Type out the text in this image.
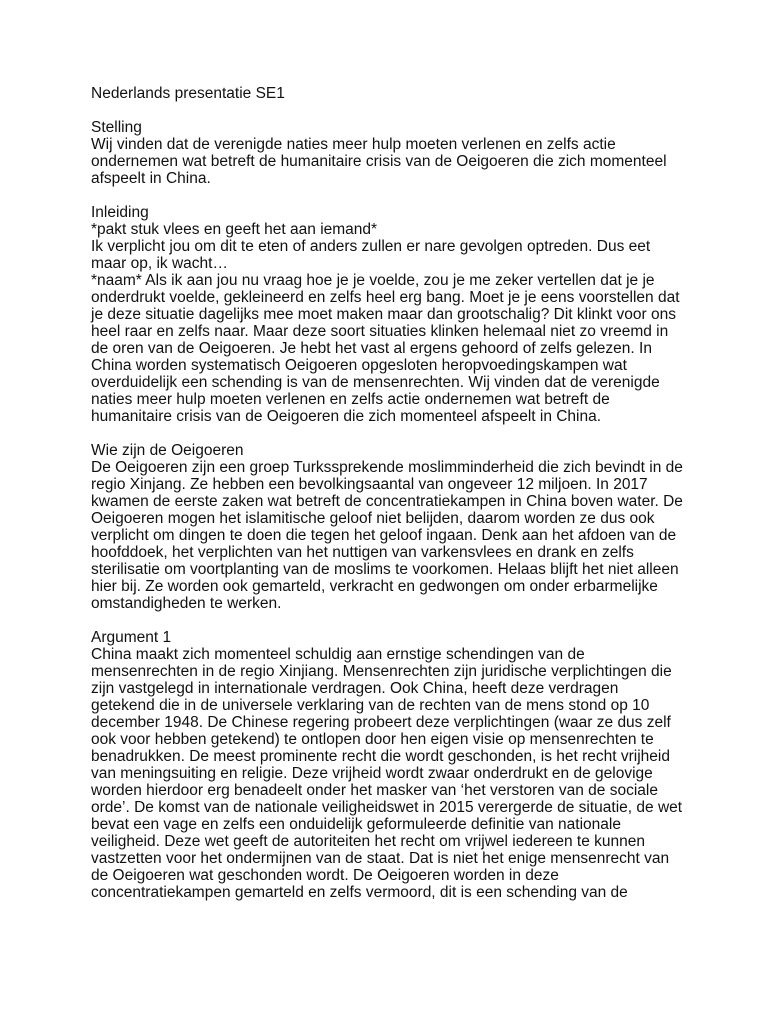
Nederlands presentatie SE1
Stelling
Wij vinden dat de verenigde naties meer hulp moeten verlenen en zelfs actie ondernemen wat betreft de humanitaire crisis van de Oeigoeren die zich momenteel afspeelt in China.
Inleiding
*pakt stuk vlees en geeft het aan iemand*
Ik verplicht jou om dit te eten of anders zullen er nare gevolgen optreden. Dus eet maar op, ik wacht…
*naam* Als ik aan jou nu vraag hoe je je voelde, zou je me zeker vertellen dat je je onderdrukt voelde, gekleineerd en zelfs heel erg bang. Moet je je eens voorstellen dat je deze situatie dagelijks mee moet maken maar dan grootschalig? Dit klinkt voor ons heel raar en zelfs naar. Maar deze soort situaties klinken helemaal niet zo vreemd in de oren van de Oeigoeren. Je hebt het vast al ergens gehoord of zelfs gelezen. In China worden systematisch Oeigoeren opgesloten heropvoedingskampen wat overduidelijk een schending is van de mensenrechten. Wij vinden dat de verenigde naties meer hulp moeten verlenen en zelfs actie ondernemen wat betreft de humanitaire crisis van de Oeigoeren die zich momenteel afspeelt in China.
Wie zijn de Oeigoeren
De Oeigoeren zijn een groep Turkssprekende moslimminderheid die zich bevindt in de regio Xinjang. Ze hebben een bevolkingsaantal van ongeveer 12 miljoen. In 2017 kwamen de eerste zaken wat betreft de concentratiekampen in China boven water. De Oeigoeren mogen het islamitische geloof niet belijden, daarom worden ze dus ook verplicht om dingen te doen die tegen het geloof ingaan. Denk aan het afdoen van de hoofddoek, het verplichten van het nuttigen van varkensvlees en drank en zelfs sterilisatie om voortplanting van de moslims te voorkomen. Helaas blijft het niet alleen hier bij. Ze worden ook gemarteld, verkracht en gedwongen om onder erbarmelijke omstandigheden te werken.
Argument 1
China maakt zich momenteel schuldig aan ernstige schendingen van de mensenrechten in de regio Xinjiang. Mensenrechten zijn juridische verplichtingen die zijn vastgelegd in internationale verdragen. Ook China, heeft deze verdragen getekend die in de universele verklaring van de rechten van de mens stond op 10 december 1948. De Chinese regering probeert deze verplichtingen (waar ze dus zelf ook voor hebben getekend) te ontlopen door hen eigen visie op mensenrechten te benadrukken. De meest prominente recht die wordt geschonden, is het recht vrijheid van meningsuiting en religie. Deze vrijheid wordt zwaar onderdrukt en de gelovige worden hierdoor erg benadeelt onder het masker van ‘het verstoren van de sociale orde’. De komst van de nationale veiligheidswet in 2015 verergerde de situatie, de wet bevat een vage en zelfs een onduidelijk geformuleerde definitie van nationale veiligheid. Deze wet geeft de autoriteiten het recht om vrijwel iedereen te kunnen vastzetten voor het ondermijnen van de staat. Dat is niet het enige mensenrecht van de Oeigoeren wat geschonden wordt. De Oeigoeren worden in deze concentratiekampen gemarteld en zelfs vermoord, dit is een schending van de
